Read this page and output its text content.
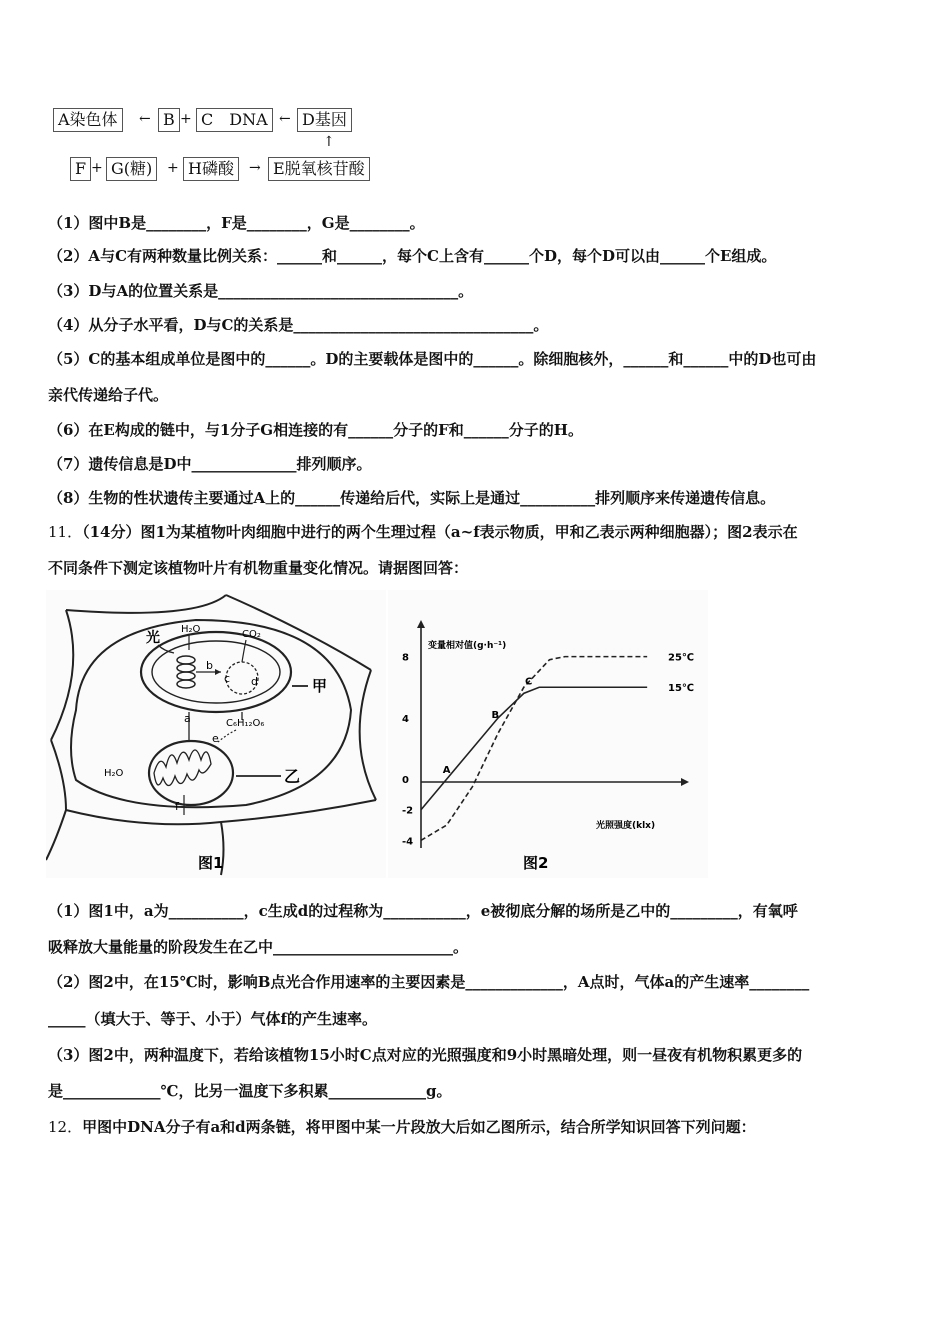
A染色体	← B + C　DNA ← D基因
↑
F + G(糖)	+ H磷酸	→ E脱氧核苷酸
（1）图中B是________，F是________，G是________。
（2）A与C有两种数量比例关系：______和______，每个C上含有______个D，每个D可以由______个E组成。
（3）D与A的位置关系是________________________________。
（4）从分子水平看，D与C的关系是________________________________。
（5）C的基本组成单位是图中的______。D的主要载体是图中的______。除细胞核外，______和______中的D也可由
亲代传递给子代。
（6）在E构成的链中，与1分子G相连接的有______分子的F和______分子的H。
（7）遗传信息是D中______________排列顺序。
（8）生物的性状遗传主要通过A上的______传递给后代，实际上是通过__________排列顺序来传递遗传信息。
11．（14分）图1为某植物叶肉细胞中进行的两个生理过程（a~f表示物质，甲和乙表示两种细胞器）；图2表示在
不同条件下测定该植物叶片有机物重量变化情况。请据图回答：
b
c d
光
H₂O	CO₂
甲
a	C₆H₁₂O₆
e
f
H₂O	乙
图1
变量相对值(g·h⁻¹)
光照强度(klx)
8
4
0
-2
-4
25℃
15℃
A
B
C
图2
（1）图1中，a为__________，c生成d的过程称为___________，e被彻底分解的场所是乙中的_________，有氧呼
吸释放大量能量的阶段发生在乙中________________________。
（2）图2中，在15℃时，影响B点光合作用速率的主要因素是_____________，A点时，气体a的产生速率________
_____（填大于、等于、小于）气体f的产生速率。
（3）图2中，两种温度下，若给该植物15小时C点对应的光照强度和9小时黑暗处理，则一昼夜有机物积累更多的
是_____________℃，比另一温度下多积累_____________g。
12．甲图中DNA分子有a和d两条链，将甲图中某一片段放大后如乙图所示，结合所学知识回答下列问题：
